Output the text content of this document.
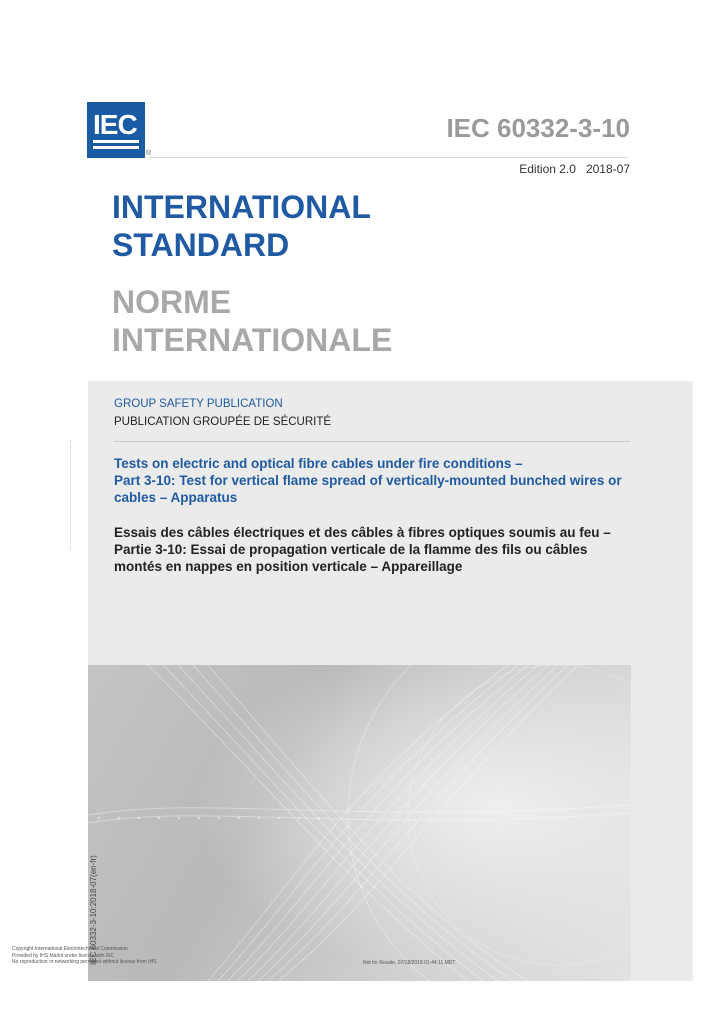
IEC
®
IEC 60332-3-10
Edition 2.0 2018-07
INTERNATIONAL
STANDARD
NORME
INTERNATIONALE
GROUP SAFETY PUBLICATION
PUBLICATION GROUPÉE DE SÉCURITÉ
Tests on electric and optical fibre cables under fire conditions –
Part 3-10: Test for vertical flame spread of vertically-mounted bunched wires or
cables – Apparatus
Essais des câbles électriques et des câbles à fibres optiques soumis au feu –
Partie 3-10: Essai de propagation verticale de la flamme des fils ou câbles
montés en nappes en position verticale – Appareillage
IEC 60332-3-10:2018-07(en-fr)
Copyright International Electrotechnical Commission
Provided by IHS Markit under license with IEC
No reproduction or networking permitted without license from IHS	Not for Resale, 07/18/2018 01:44:11 MDT
